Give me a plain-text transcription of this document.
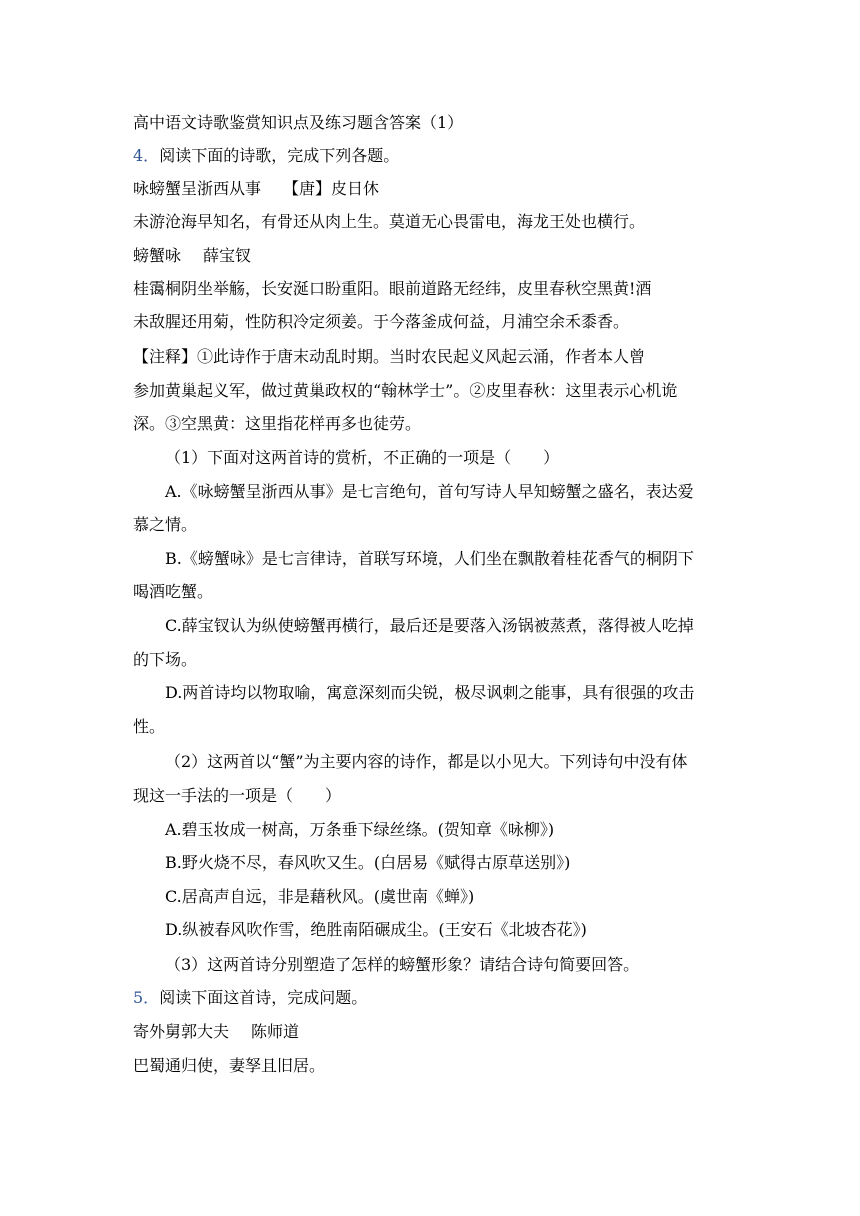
高中语文诗歌鉴赏知识点及练习题含答案（1）
4．阅读下面的诗歌，完成下列各题。
咏螃蟹呈浙西从事 【唐】皮日休
未游沧海早知名，有骨还从肉上生。莫道无心畏雷电，海龙王处也横行。
螃蟹咏 薛宝钗
桂霭桐阴坐举觞，长安涎口盼重阳。眼前道路无经纬，皮里春秋空黑黄!酒
未敌腥还用菊，性防积冷定须姜。于今落釜成何益，月浦空余禾黍香。
【注释】①此诗作于唐末动乱时期。当时农民起义风起云涌，作者本人曾
参加黄巢起义军，做过黄巢政权的“翰林学士”。②皮里春秋：这里表示心机诡
深。③空黑黄：这里指花样再多也徒劳。
（1）下面对这两首诗的赏析，不正确的一项是（　　）
A.《咏螃蟹呈浙西从事》是七言绝句，首句写诗人早知螃蟹之盛名，表达爱
慕之情。
B.《螃蟹咏》是七言律诗，首联写环境，人们坐在飘散着桂花香气的桐阴下
喝酒吃蟹。
C.薛宝钗认为纵使螃蟹再横行，最后还是要落入汤锅被蒸煮，落得被人吃掉
的下场。
D.两首诗均以物取喻，寓意深刻而尖锐，极尽讽刺之能事，具有很强的攻击
性。
（2）这两首以“蟹”为主要内容的诗作，都是以小见大。下列诗句中没有体
现这一手法的一项是（　　）
A.碧玉妆成一树高，万条垂下绿丝绦。(贺知章《咏柳》)
B.野火烧不尽，春风吹又生。(白居易《赋得古原草送别》)
C.居高声自远，非是藉秋风。(虞世南《蝉》)
D.纵被春风吹作雪，绝胜南陌碾成尘。(王安石《北坡杏花》)
（3）这两首诗分别塑造了怎样的螃蟹形象？请结合诗句简要回答。
5．阅读下面这首诗，完成问题。
寄外舅郭大夫 陈师道
巴蜀通归使，妻孥且旧居。
